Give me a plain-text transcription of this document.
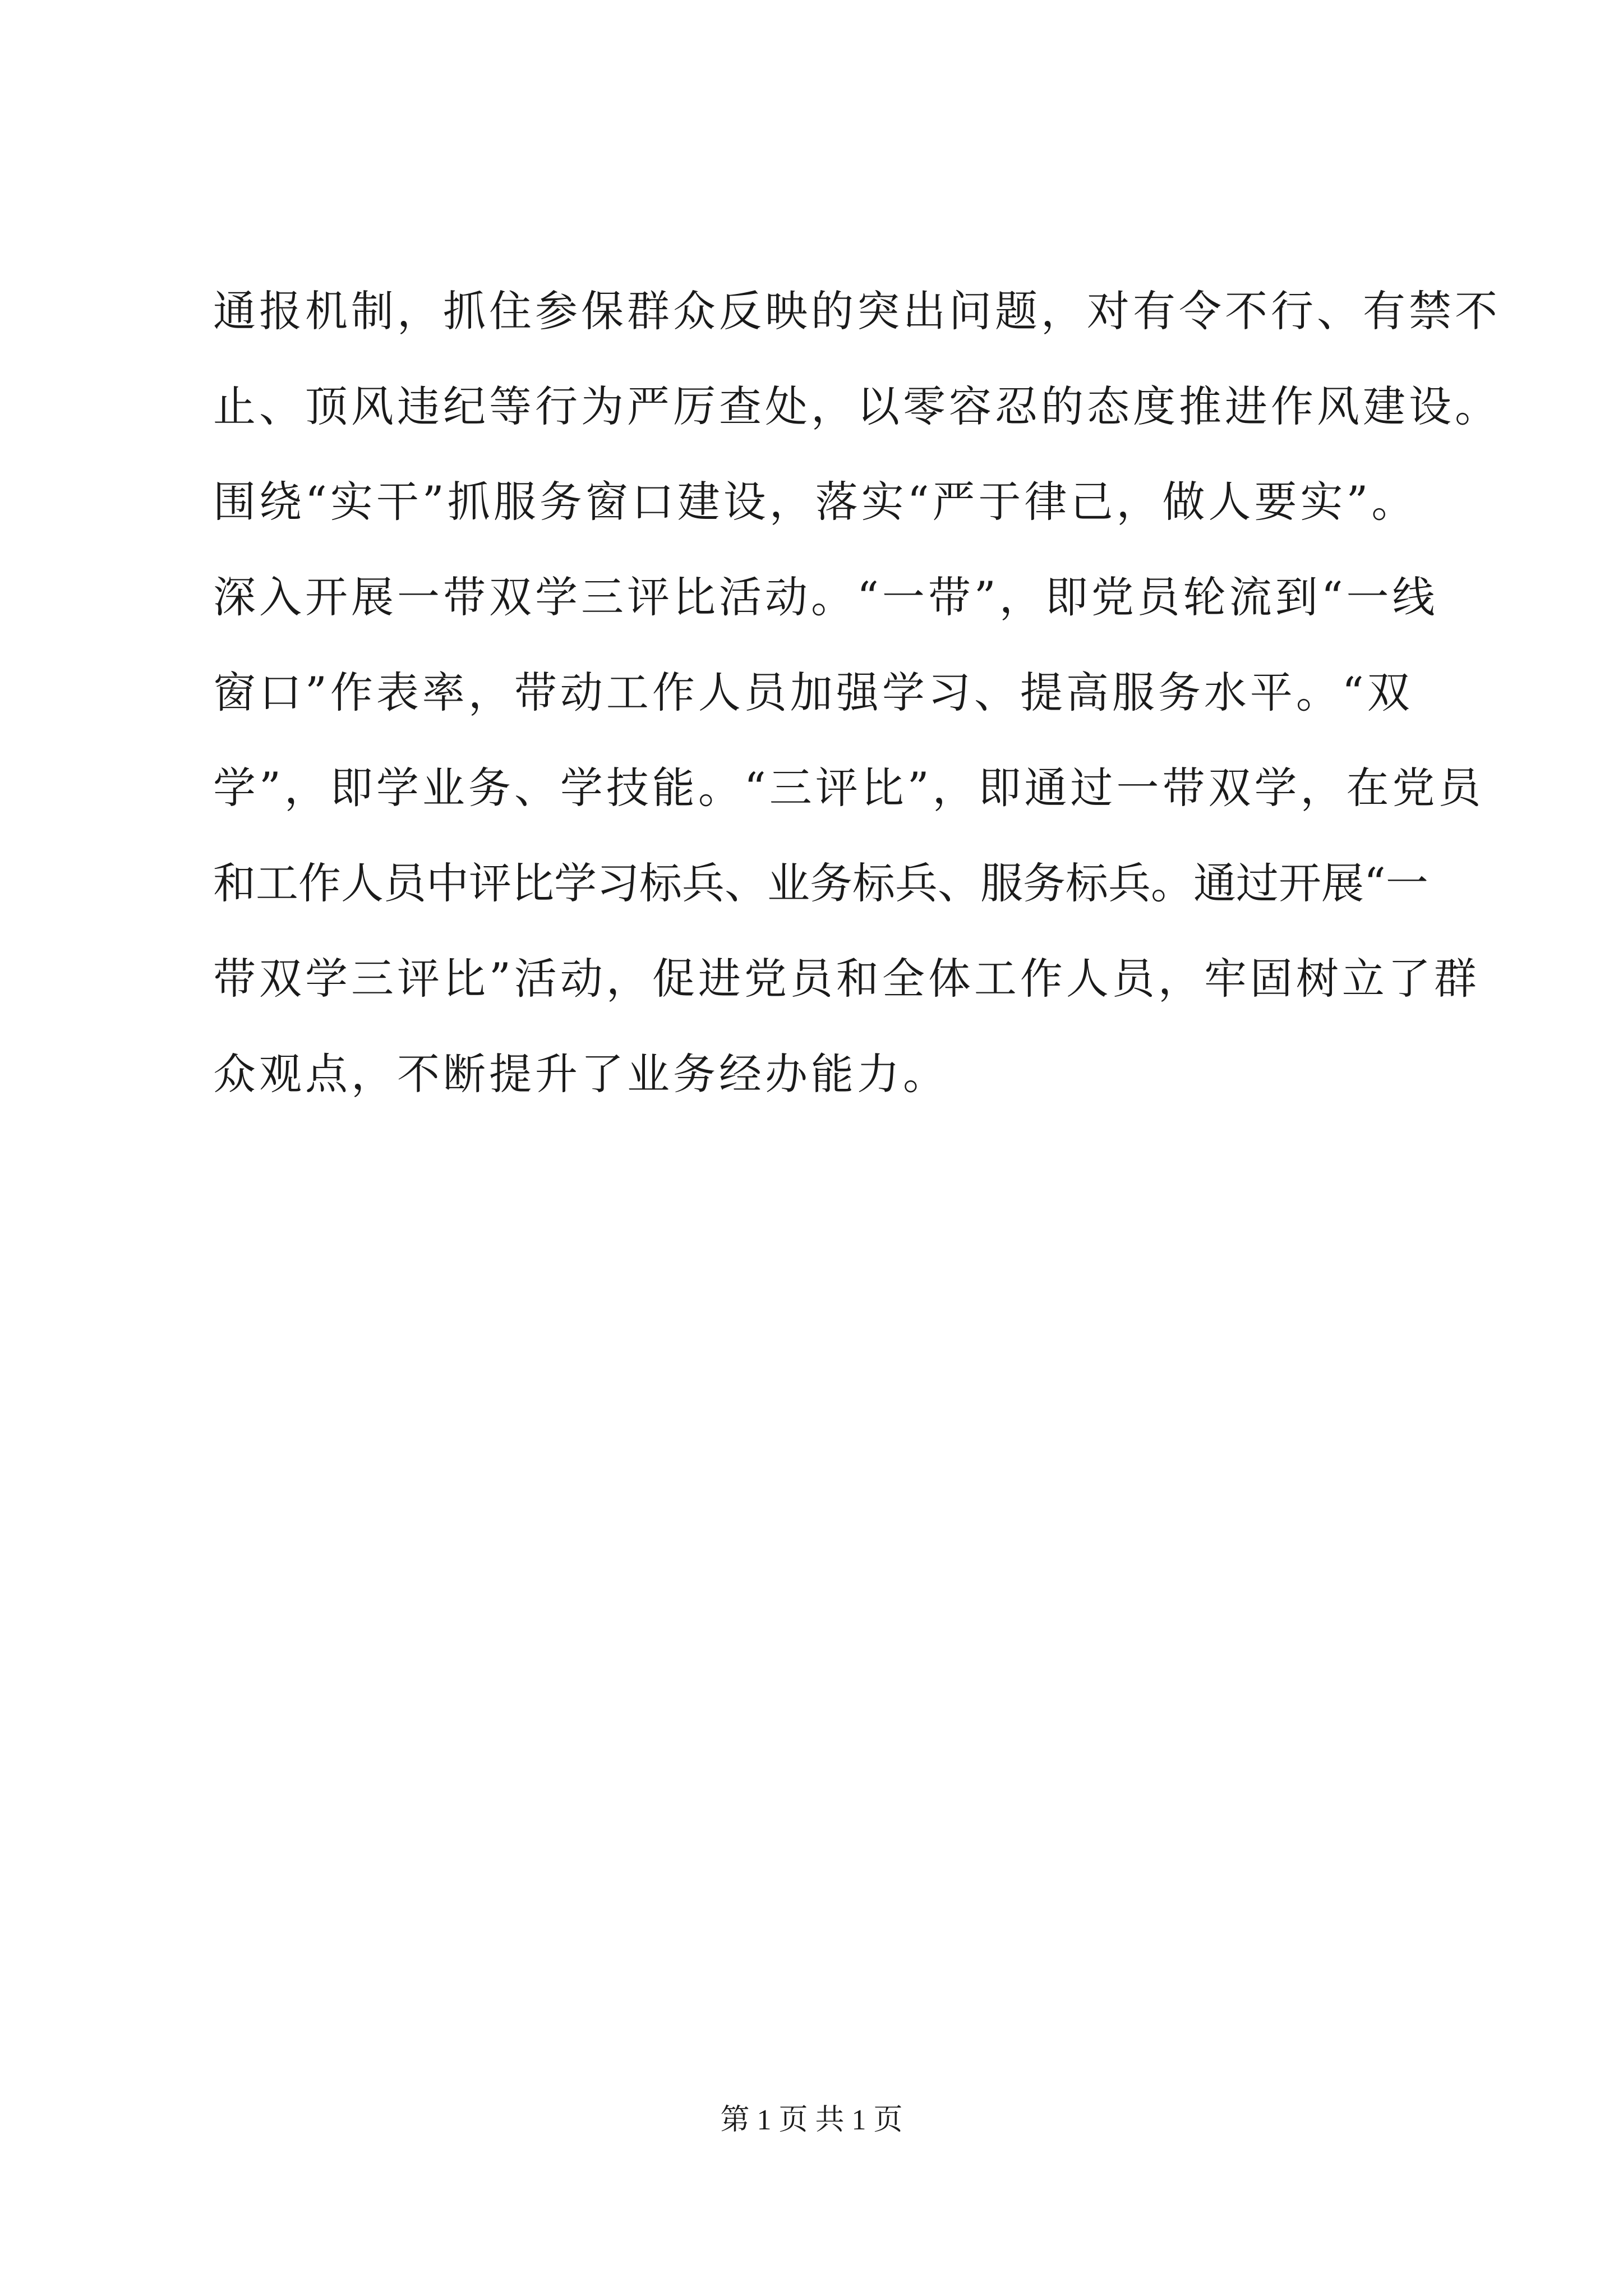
通报机制，抓住参保群众反映的突出问题，对有令不行、有禁不
止、顶风违纪等行为严厉查处，以零容忍的态度推进作风建设。
围绕“实干”抓服务窗口建设，落实“严于律己，做人要实”。
深入开展一带双学三评比活动。“一带”，即党员轮流到“一线
窗口”作表率，带动工作人员加强学习、提高服务水平。“双
学”，即学业务、学技能。“三评比”，即通过一带双学，在党员
和工作人员中评比学习标兵、业务标兵、服务标兵。通过开展“一
带双学三评比”活动，促进党员和全体工作人员，牢固树立了群
众观点，不断提升了业务经办能力。
第 1 页 共 1 页
